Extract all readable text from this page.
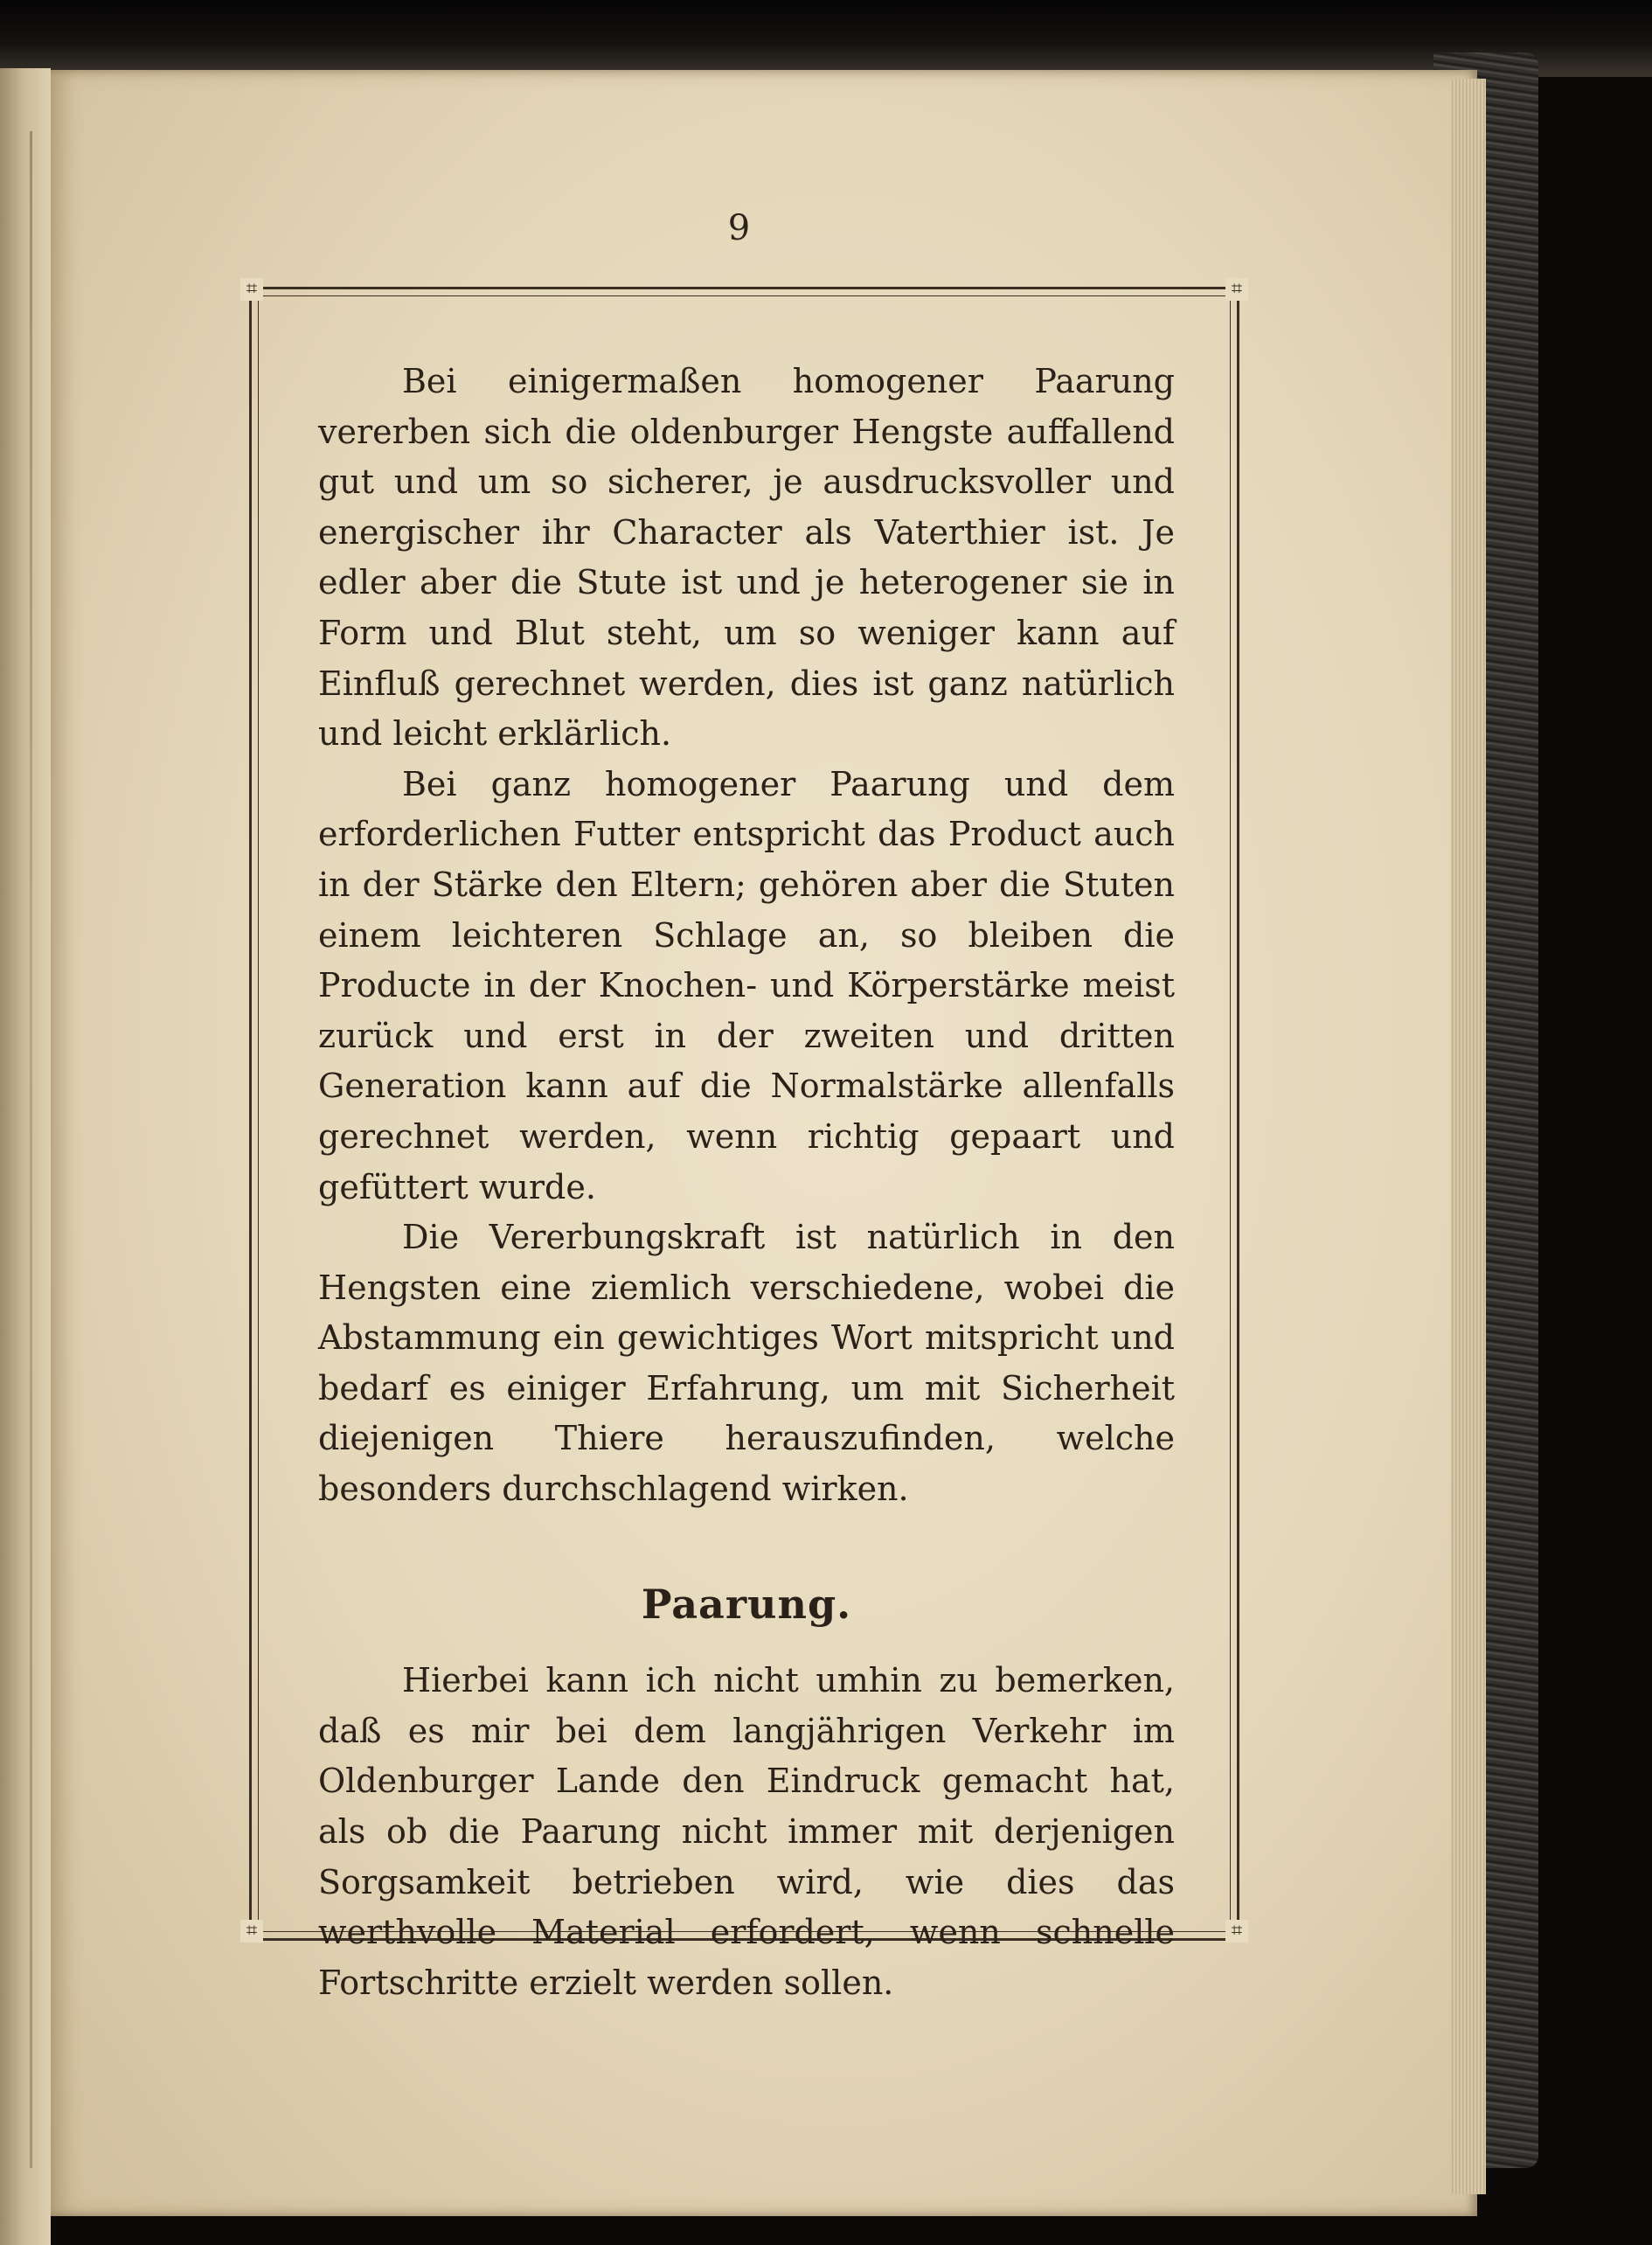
9
⌗	⌗
⌗	⌗

Bei einigermaßen homogener Paarung vererben sich die oldenburger Hengste auffallend gut und um so sicherer, je ausdrucksvoller und energischer ihr Character als Vaterthier ist. Je edler aber die Stute ist und je heterogener sie in Form und Blut steht, um so weniger kann auf Einfluß gerechnet werden, dies ist ganz natürlich und leicht erklärlich.

Bei ganz homogener Paarung und dem erforderlichen Futter entspricht das Product auch in der Stärke den Eltern; gehören aber die Stuten einem leichteren Schlage an, so bleiben die Producte in der Knochen- und Körperstärke meist zurück und erst in der zweiten und dritten Generation kann auf die Normalstärke allenfalls gerechnet werden, wenn richtig gepaart und gefüttert wurde.

Die Vererbungskraft ist natürlich in den Hengsten eine ziemlich verschiedene, wobei die Abstammung ein gewichtiges Wort mitspricht und bedarf es einiger Erfahrung, um mit Sicherheit diejenigen Thiere herauszufinden, welche besonders durchschlagend wirken.

Paarung.

Hierbei kann ich nicht umhin zu bemerken, daß es mir bei dem langjährigen Verkehr im Oldenburger Lande den Eindruck gemacht hat, als ob die Paarung nicht immer mit derjenigen Sorgsamkeit betrieben wird, wie dies das werthvolle Material erfordert, wenn schnelle Fortschritte erzielt werden sollen.
